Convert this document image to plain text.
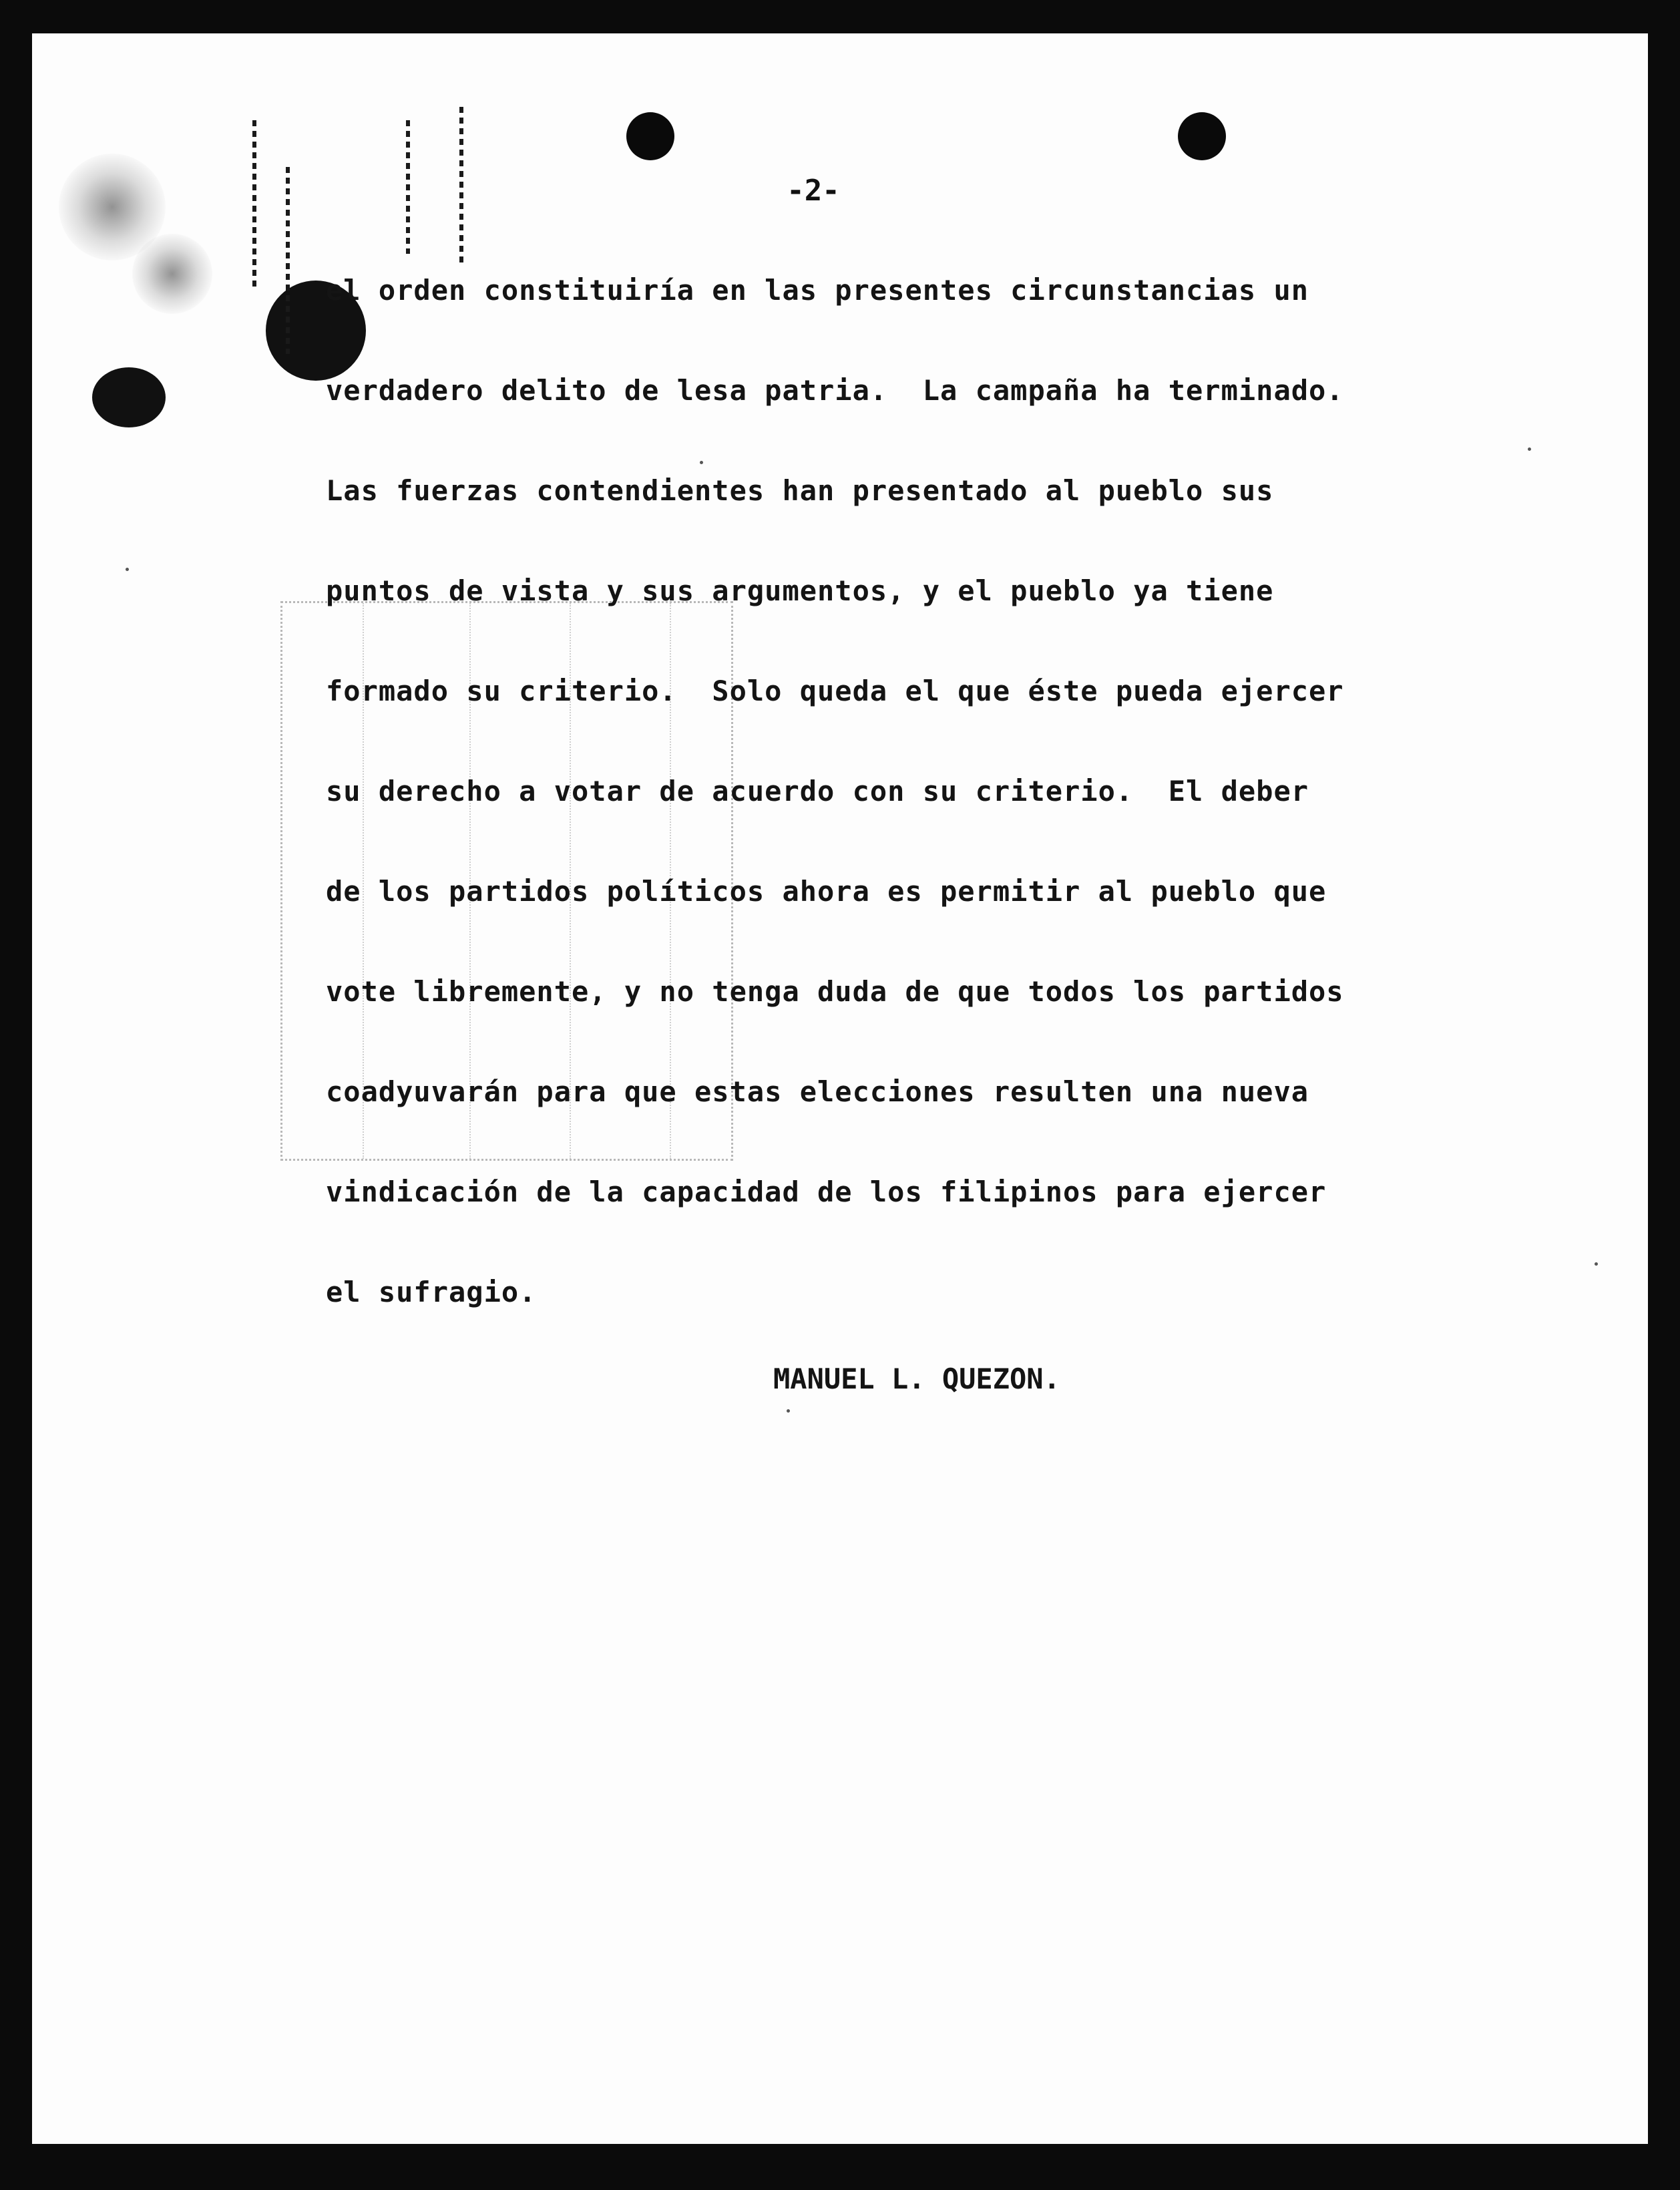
-2-
el orden constituiría en las presentes circunstancias un
verdadero delito de lesa patria.  La campaña ha terminado.
Las fuerzas contendientes han presentado al pueblo sus
puntos de vista y sus argumentos, y el pueblo ya tiene
formado su criterio.  Solo queda el que éste pueda ejercer
su derecho a votar de acuerdo con su criterio.  El deber
de los partidos políticos ahora es permitir al pueblo que
vote libremente, y no tenga duda de que todos los partidos
coadyuvarán para que estas elecciones resulten una nueva
vindicación de la capacidad de los filipinos para ejercer
el sufragio.
MANUEL L. QUEZON.
